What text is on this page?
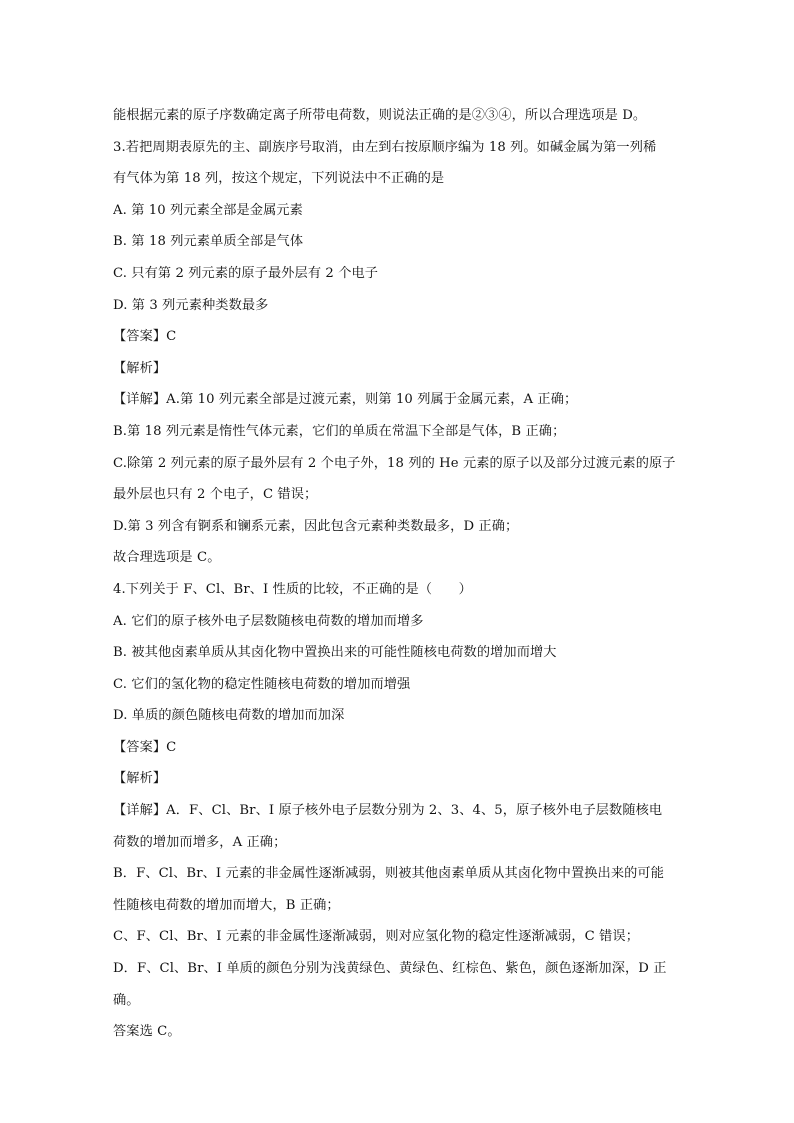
能根据元素的原子序数确定离子所带电荷数，则说法正确的是②③④，所以合理选项是 D。
3.若把周期表原先的主、副族序号取消，由左到右按原顺序编为 18 列。如碱金属为第一列稀
有气体为第 18 列，按这个规定，下列说法中不正确的是
A. 第 10 列元素全部是金属元素
B. 第 18 列元素单质全部是气体
C. 只有第 2 列元素的原子最外层有 2 个电子
D. 第 3 列元素种类数最多
【答案】C
【解析】
【详解】A.第 10 列元素全部是过渡元素，则第 10 列属于金属元素，A 正确；
B.第 18 列元素是惰性气体元素，它们的单质在常温下全部是气体，B 正确；
C.除第 2 列元素的原子最外层有 2 个电子外，18 列的 He 元素的原子以及部分过渡元素的原子
最外层也只有 2 个电子，C 错误；
D.第 3 列含有锕系和镧系元素，因此包含元素种类数最多，D 正确；
故合理选项是 C。
4.下列关于 F、Cl、Br、I 性质的比较，不正确的是（　　）
A. 它们的原子核外电子层数随核电荷数的增加而增多
B. 被其他卤素单质从其卤化物中置换出来的可能性随核电荷数的增加而增大
C. 它们的氢化物的稳定性随核电荷数的增加而增强
D. 单质的颜色随核电荷数的增加而加深
【答案】C
【解析】
【详解】A．F、Cl、Br、I 原子核外电子层数分别为 2、3、4、5，原子核外电子层数随核电
荷数的增加而增多，A 正确；
B．F、Cl、Br、I 元素的非金属性逐渐减弱，则被其他卤素单质从其卤化物中置换出来的可能
性随核电荷数的增加而增大，B 正确；
C、F、Cl、Br、I 元素的非金属性逐渐减弱，则对应氢化物的稳定性逐渐减弱，C 错误；
D．F、Cl、Br、I 单质的颜色分别为浅黄绿色、黄绿色、红棕色、紫色，颜色逐渐加深，D 正
确。
答案选 C。
